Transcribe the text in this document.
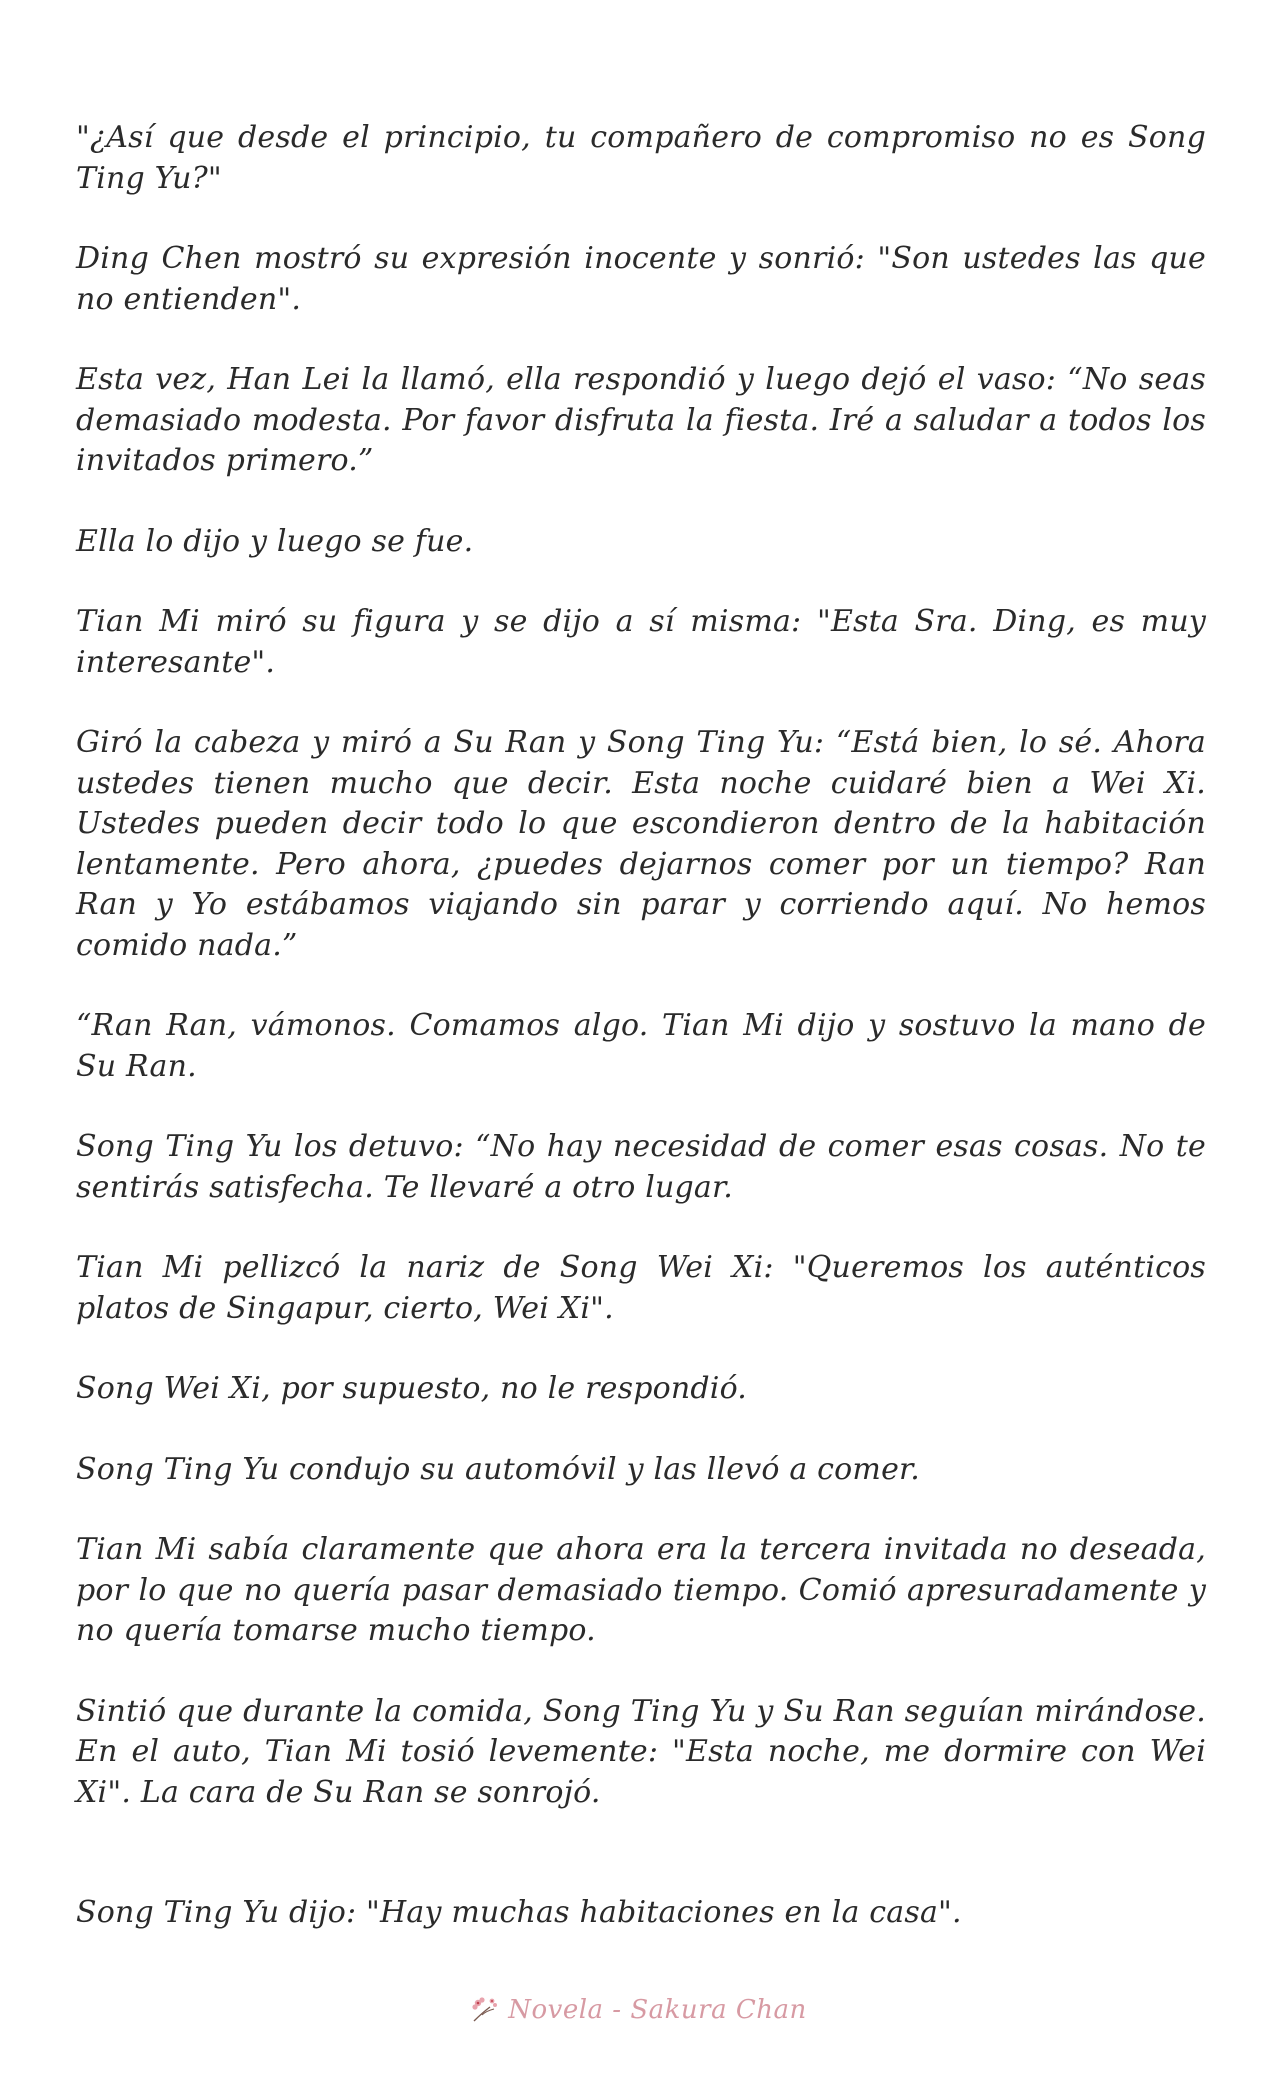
"¿Así que desde el principio, tu compañero de compromiso no es Song Ting Yu?"

Ding Chen mostró su expresión inocente y sonrió: "Son ustedes las que no entienden".

Esta vez, Han Lei la llamó, ella respondió y luego dejó el vaso: “No seas demasiado modesta. Por favor disfruta la fiesta. Iré a saludar a todos los invitados primero.”

Ella lo dijo y luego se fue.

Tian Mi miró su figura y se dijo a sí misma: "Esta Sra. Ding, es muy interesante".

Giró la cabeza y miró a Su Ran y Song Ting Yu: “Está bien, lo sé. Ahora ustedes tienen mucho que decir. Esta noche cuidaré bien a Wei Xi. Ustedes pueden decir todo lo que escondieron dentro de la habitación lentamente. Pero ahora, ¿puedes dejarnos comer por un tiempo? Ran Ran y Yo estábamos viajando sin parar y corriendo aquí. No hemos comido nada.”

“Ran Ran, vámonos. Comamos algo. Tian Mi dijo y sostuvo la mano de Su Ran.

Song Ting Yu los detuvo: “No hay necesidad de comer esas cosas. No te sentirás satisfecha. Te llevaré a otro lugar.

Tian Mi pellizcó la nariz de Song Wei Xi: "Queremos los auténticos platos de Singapur, cierto, Wei Xi".

Song Wei Xi, por supuesto, no le respondió.

Song Ting Yu condujo su automóvil y las llevó a comer.

Tian Mi sabía claramente que ahora era la tercera invitada no deseada, por lo que no quería pasar demasiado tiempo. Comió apresuradamente y no quería tomarse mucho tiempo.

Sintió que durante la comida, Song Ting Yu y Su Ran seguían mirándose. En el auto, Tian Mi tosió levemente: "Esta noche, me dormire con Wei Xi". La cara de Su Ran se sonrojó.

Song Ting Yu dijo: "Hay muchas habitaciones en la casa".

Novela - Sakura Chan
